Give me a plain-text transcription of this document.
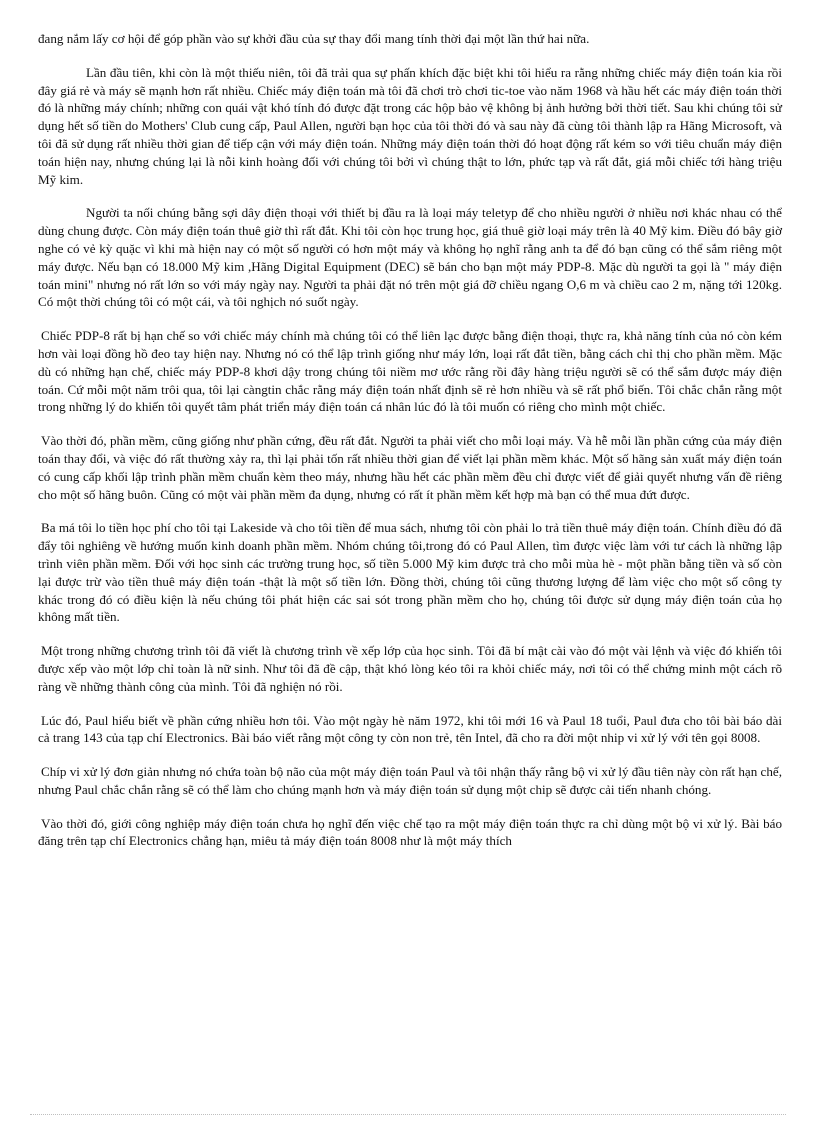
đang nắm lấy cơ hội để góp phần vào sự khởi đầu của sự thay đổi mang tính thời đại một lần thứ hai nữa.

Lần đầu tiên, khi còn là một thiếu niên, tôi đã trải qua sự phấn khích đặc biệt khi tôi hiểu ra rằng những chiếc máy điện toán kia rồi đây giá rẻ và máy sẽ mạnh hơn rất nhiều. Chiếc máy điện toán mà tôi đã chơi trò chơi tic-toe vào năm 1968 và hầu hết các máy điện toán thời đó là những máy chính; những con quái vật khó tính đó được đặt trong các hộp bảo vệ không bị ảnh hưởng bởi thời tiết. Sau khi chúng tôi sử dụng hết số tiền do Mothers' Club cung cấp, Paul Allen, người bạn học của tôi thời đó và sau này đã cùng tôi thành lập ra Hãng Microsoft, và tôi đã sử dụng rất nhiều thời gian để tiếp cận với máy điện toán. Những máy điện toán thời đó hoạt động rất kém so với tiêu chuẩn máy điện toán hiện nay, nhưng chúng lại là nỗi kinh hoàng đối với chúng tôi bởi vì chúng thật to lớn, phức tạp và rất đắt, giá mỗi chiếc tới hàng triệu Mỹ kim.

Người ta nối chúng bằng sợi dây điện thoại với thiết bị đầu ra là loại máy teletyp để cho nhiều người ở nhiều nơi khác nhau có thể dùng chung được. Còn máy điện toán thuê giờ thì rất đắt. Khi tôi còn học trung học, giá thuê giờ loại máy trên là 40 Mỹ kim. Điều đó bây giờ nghe có vẻ kỳ quặc vì khi mà hiện nay có một số người có hơn một máy và không họ nghĩ rằng anh ta để đó bạn cũng có thể sắm riêng một máy được. Nếu bạn có 18.000 Mỹ kim ,Hãng Digital Equipment (DEC) sẽ bán cho bạn một máy PDP-8. Mặc dù người ta gọi là " máy điện toán mini" nhưng nó rất lớn so với máy ngày nay. Người ta phải đặt nó trên một giá đỡ chiều ngang O,6 m và chiều cao 2 m, nặng tới 120kg. Có một thời chúng tôi có một cái, và tôi nghịch nó suốt ngày.

Chiếc PDP-8 rất bị hạn chế so với chiếc máy chính mà chúng tôi có thể liên lạc được bằng điện thoại, thực ra, khả năng tính của nó còn kém hơn vài loại đồng hồ đeo tay hiện nay. Nhưng nó có thể lập trình giống như máy lớn, loại rất đắt tiền, bằng cách chỉ thị cho phần mềm. Mặc dù có những hạn chế, chiếc máy PDP-8 khơi dậy trong chúng tôi niềm mơ ước rằng rồi đây hàng triệu người sẽ có thể sắm được máy điện toán. Cứ mỗi một năm trôi qua, tôi lại càngtin chắc rằng máy điện toán nhất định sẽ rẻ hơn nhiều và sẽ rất phổ biến. Tôi chắc chắn rằng một trong những lý do khiến tôi quyết tâm phát triển máy điện toán cá nhân lúc đó là tôi muốn có riêng cho mình một chiếc.

Vào thời đó, phần mềm, cũng giống như phần cứng, đều rất đắt. Người ta phải viết cho mỗi loại máy. Và hễ mỗi lần phần cứng của máy điện toán thay đổi, và việc đó rất thường xảy ra, thì lại phải tốn rất nhiều thời gian để viết lại phần mềm khác. Một số hãng sản xuất máy điện toán có cung cấp khối lập trình phần mềm chuẩn kèm theo máy, nhưng hầu hết các phần mềm đều chỉ được viết để giải quyết nhưng vấn đề riêng cho một số hãng buôn. Cũng có một vài phần mềm đa dụng, nhưng có rất ít phần mềm kết hợp mà bạn có thể mua đứt được.

Ba má tôi lo tiền học phí cho tôi tại Lakeside và cho tôi tiền để mua sách, nhưng tôi còn phải lo trả tiền thuê máy điện toán. Chính điều đó đã đẩy tôi nghiêng về hướng muốn kinh doanh phần mềm. Nhóm chúng tôi,trong đó có Paul Allen, tìm được việc làm với tư cách là những lập trình viên phần mềm. Đối với học sinh các trường trung học, số tiền 5.000 Mỹ kim được trả cho mỗi mùa hè - một phần bằng tiền và số còn lại được trừ vào tiền thuê máy điện toán -thật là một số tiền lớn. Đồng thời, chúng tôi cũng thương lượng để làm việc cho một số công ty khác trong đó có điều kiện là nếu chúng tôi phát hiện các sai sót trong phần mềm cho họ, chúng tôi được sử dụng máy điện toán của họ không mất tiền.

Một trong những chương trình tôi đã viết là chương trình về xếp lớp của học sinh. Tôi đã bí mật cài vào đó một vài lệnh và việc đó khiến tôi được xếp vào một lớp chỉ toàn là nữ sinh. Như tôi đã đề cập, thật khó lòng kéo tôi ra khỏi chiếc máy, nơi tôi có thể chứng minh một cách rõ ràng về những thành công của mình. Tôi đã nghiện nó rồi.

Lúc đó, Paul hiểu biết về phần cứng nhiều hơn tôi. Vào một ngày hè năm 1972, khi tôi mới 16 và Paul 18 tuổi, Paul đưa cho tôi bài báo dài cả trang 143 của tạp chí Electronics. Bài báo viết rằng một công ty còn non trẻ, tên Intel, đã cho ra đời một nhip vi xử lý với tên gọi 8008.

Chíp vi xử lý đơn giản nhưng nó chứa toàn bộ não của một máy điện toán Paul và tôi nhận thấy rằng bộ vi xử lý đầu tiên này còn rất hạn chế, nhưng Paul chắc chắn rằng sẽ có thể làm cho chúng mạnh hơn và máy điện toán sử dụng một chip sẽ được cải tiến nhanh chóng.

Vào thời đó, giới công nghiệp máy điện toán chưa họ nghĩ đến việc chế tạo ra một máy điện toán thực ra chỉ dùng một bộ vi xử lý. Bài báo đăng trên tạp chí Electronics chẳng hạn, miêu tả máy điện toán 8008 như là một máy thích
